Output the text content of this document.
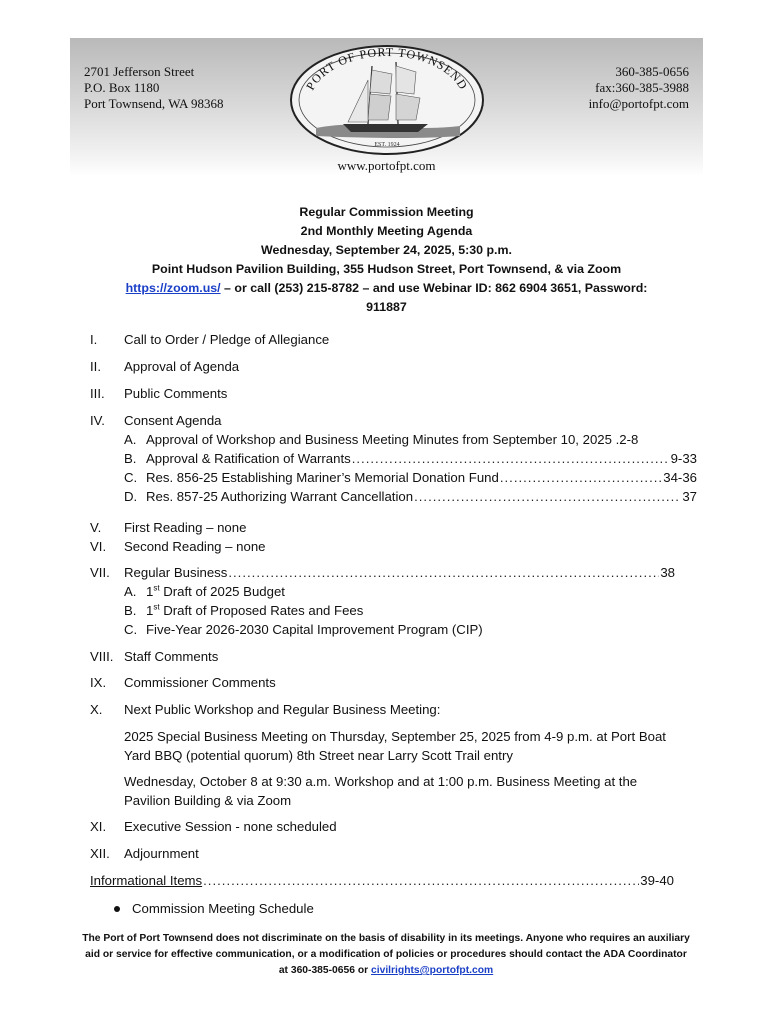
2701 Jefferson Street
P.O. Box 1180
Port Townsend, WA 98368
PORT OF PORT TOWNSEND
EST. 1924
360-385-0656
fax:360-385-3988
info@portofpt.com
www.portofpt.com
Regular Commission Meeting
2nd Monthly Meeting Agenda
Wednesday, September 24, 2025, 5:30 p.m.
Point Hudson Pavilion Building, 355 Hudson Street, Port Townsend, & via Zoom
https://zoom.us/ – or call (253) 215-8782 – and use Webinar ID: 862 6904 3651, Password:
911887
I. Call to Order / Pledge of Allegiance
II. Approval of Agenda
III. Public Comments
IV. Consent Agenda
A. Approval of Workshop and Business Meeting Minutes from September 10, 2025 . 2-8
B. Approval & Ratification of Warrants .....	9-33
C. Res. 856-25 Establishing Mariner’s Memorial Donation Fund .....	34-36
D. Res. 857-25 Authorizing Warrant Cancellation .....	37
V. First Reading – none
VI. Second Reading – none
VII. Regular Business .....	38
A. 1st Draft of 2025 Budget
B. 1st Draft of Proposed Rates and Fees
C. Five-Year 2026-2030 Capital Improvement Program (CIP)
VIII. Staff Comments
IX. Commissioner Comments
X. Next Public Workshop and Regular Business Meeting:
2025 Special Business Meeting on Thursday, September 25, 2025 from 4-9 p.m. at Port Boat Yard BBQ (potential quorum) 8th Street near Larry Scott Trail entry
Wednesday, October 8 at 9:30 a.m. Workshop and at 1:00 p.m. Business Meeting at the Pavilion Building & via Zoom
XI. Executive Session - none scheduled
XII. Adjournment
Informational Items .....	39-40
Commission Meeting Schedule
The Port of Port Townsend does not discriminate on the basis of disability in its meetings. Anyone who requires an auxiliary aid or service for effective communication, or a modification of policies or procedures should contact the ADA Coordinator at 360-385-0656 or civilrights@portofpt.com
